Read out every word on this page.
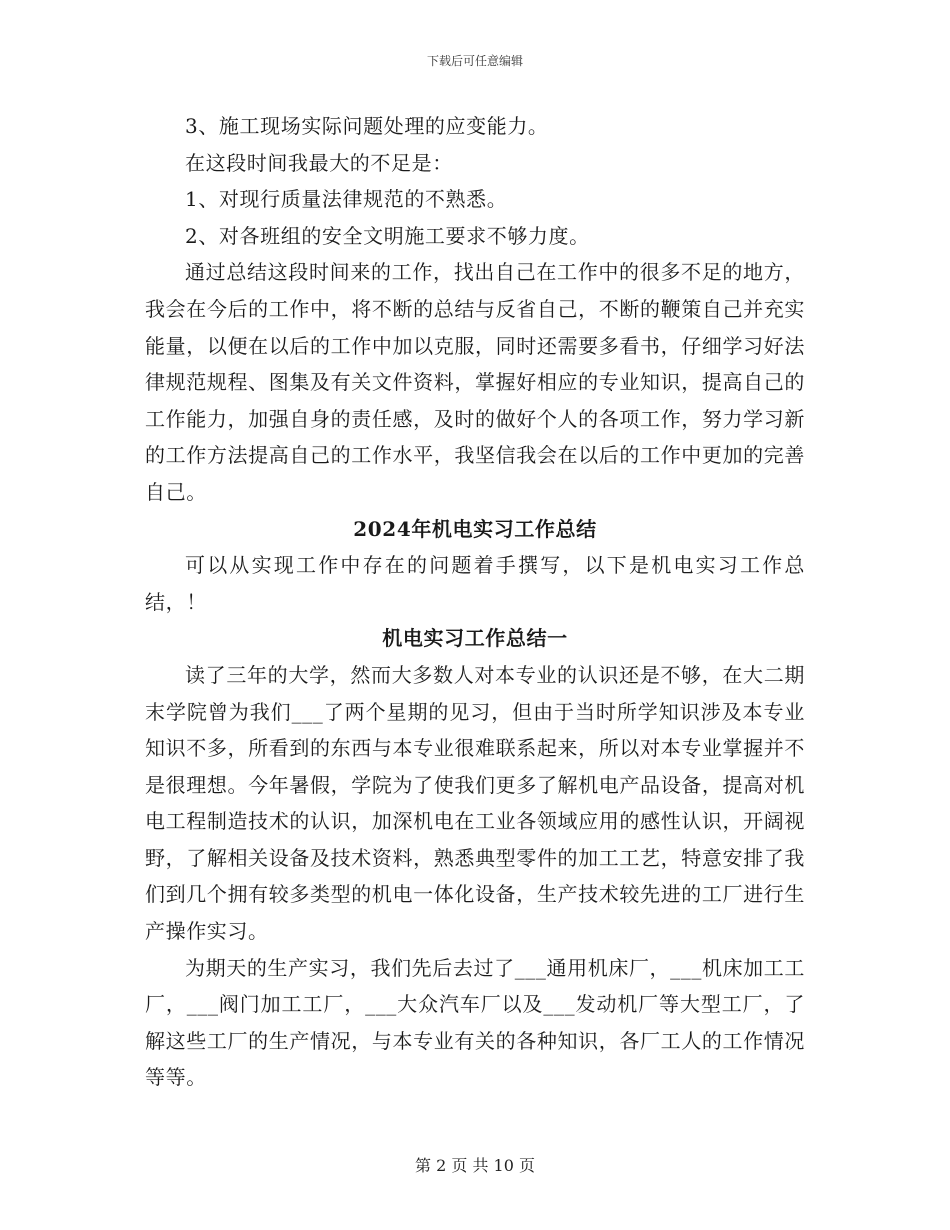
下载后可任意编辑

3、施工现场实际问题处理的应变能力。

在这段时间我最大的不足是：

1、对现行质量法律规范的不熟悉。

2、对各班组的安全文明施工要求不够力度。

通过总结这段时间来的工作，找出自己在工作中的很多不足的地方，我会在今后的工作中，将不断的总结与反省自己，不断的鞭策自己并充实能量，以便在以后的工作中加以克服，同时还需要多看书，仔细学习好法律规范规程、图集及有关文件资料，掌握好相应的专业知识，提高自己的工作能力，加强自身的责任感，及时的做好个人的各项工作，努力学习新的工作方法提高自己的工作水平，我坚信我会在以后的工作中更加的完善自己。

2024年机电实习工作总结

可以从实现工作中存在的问题着手撰写，以下是机电实习工作总结，！

机电实习工作总结一

读了三年的大学，然而大多数人对本专业的认识还是不够，在大二期末学院曾为我们___了两个星期的见习，但由于当时所学知识涉及本专业知识不多，所看到的东西与本专业很难联系起来，所以对本专业掌握并不是很理想。今年暑假，学院为了使我们更多了解机电产品设备，提高对机电工程制造技术的认识，加深机电在工业各领域应用的感性认识，开阔视野，了解相关设备及技术资料，熟悉典型零件的加工工艺，特意安排了我们到几个拥有较多类型的机电一体化设备，生产技术较先进的工厂进行生产操作实习。

为期天的生产实习，我们先后去过了___通用机床厂，___机床加工工厂，___阀门加工工厂，___大众汽车厂以及___发动机厂等大型工厂，了解这些工厂的生产情况，与本专业有关的各种知识，各厂工人的工作情况等等。

第 2 页 共 10 页
